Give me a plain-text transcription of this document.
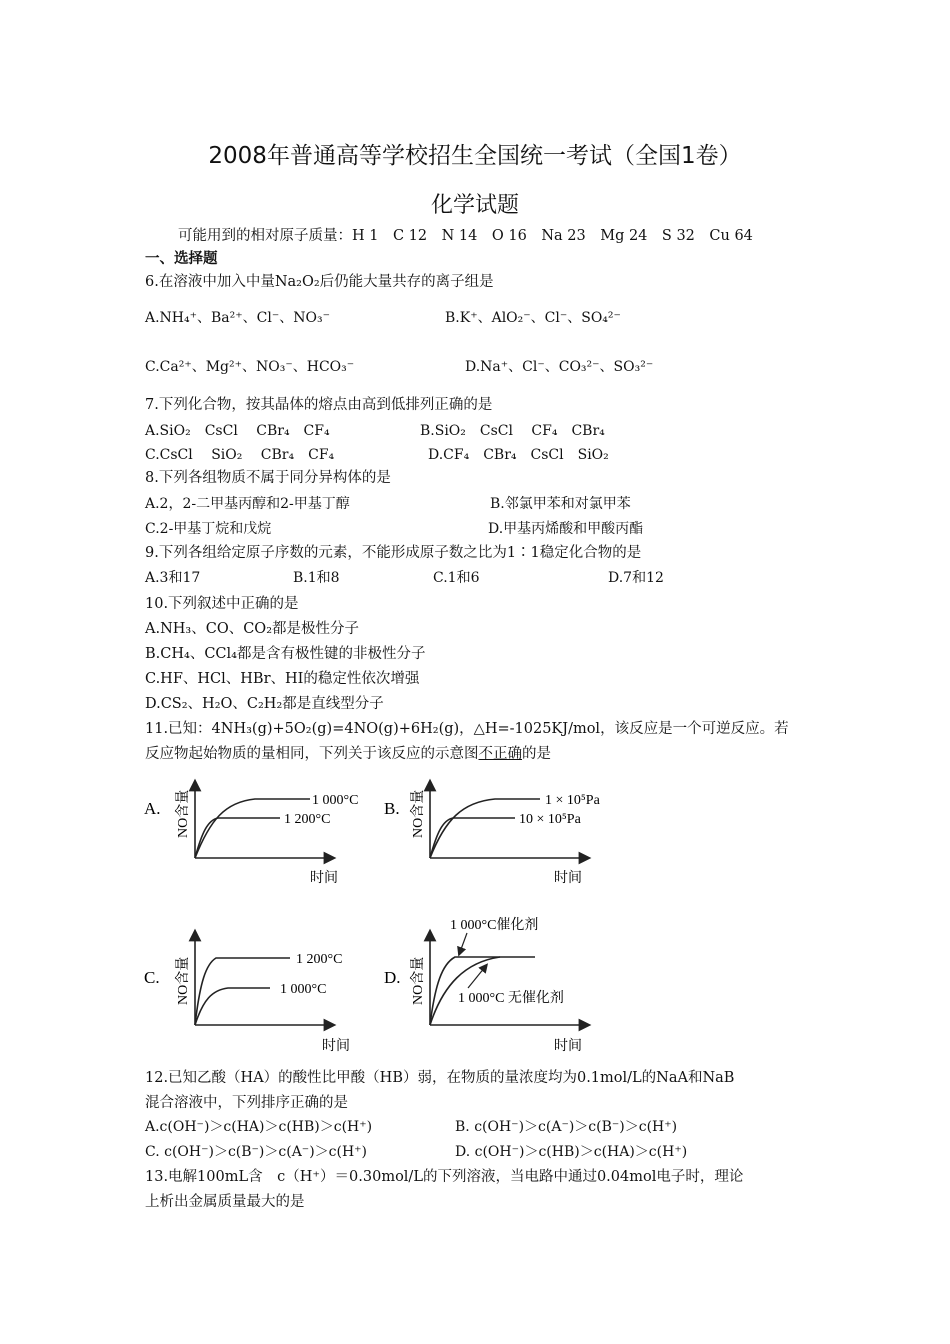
2008年普通高等学校招生全国统一考试（全国1卷）
化学试题
可能用到的相对原子质量：H 1　C 12　N 14　O 16　Na 23　Mg 24　S 32　Cu 64
一、选择题
6.在溶液中加入中量Na₂O₂后仍能大量共存的离子组是
A.NH₄⁺、Ba²⁺、Cl⁻、NO₃⁻	B.K⁺、AlO₂⁻、Cl⁻、SO₄²⁻
C.Ca²⁺、Mg²⁺、NO₃⁻、HCO₃⁻	D.Na⁺、Cl⁻、CO₃²⁻、SO₃²⁻
7.下列化合物，按其晶体的熔点由高到低排列正确的是
A.SiO₂　CsCl　 CBr₄　CF₄	B.SiO₂　CsCl　 CF₄　CBr₄
C.CsCl　 SiO₂　 CBr₄　CF₄	D.CF₄　CBr₄　CsCl　SiO₂
8.下列各组物质不属于同分异构体的是
A.2，2-二甲基丙醇和2-甲基丁醇	B.邻氯甲苯和对氯甲苯
C.2-甲基丁烷和戊烷	D.甲基丙烯酸和甲酸丙酯
9.下列各组给定原子序数的元素，不能形成原子数之比为1∶1稳定化合物的是
A.3和17	B.1和8	C.1和6	D.7和12
10.下列叙述中正确的是
A.NH₃、CO、CO₂都是极性分子
B.CH₄、CCl₄都是含有极性键的非极性分子
C.HF、HCl、HBr、HI的稳定性依次增强
D.CS₂、H₂O、C₂H₂都是直线型分子
11.已知：4NH₃(g)+5O₂(g)=4NO(g)+6H₂(g)，△H=-1025KJ/mol，该反应是一个可逆反应。若
反应物起始物质的量相同，下列关于该反应的示意图不正确的是
A. NO含量
时间
1 000°C
1 200°C
B. NO含量
时间
1 × 10⁵Pa
10 × 10⁵Pa
C. NO含量
时间
1 200°C
1 000°C
D. NO含量
时间
1 000°C催化剂
1 000°C 无催化剂
12.已知乙酸（HA）的酸性比甲酸（HB）弱，在物质的量浓度均为0.1mol/L的NaA和NaB
混合溶液中，下列排序正确的是
A.c(OH⁻)＞c(HA)＞c(HB)＞c(H⁺)	B. c(OH⁻)＞c(A⁻)＞c(B⁻)＞c(H⁺)
C. c(OH⁻)＞c(B⁻)＞c(A⁻)＞c(H⁺)	D. c(OH⁻)＞c(HB)＞c(HA)＞c(H⁺)
13.电解100mL含　c（H⁺）＝0.30mol/L的下列溶液，当电路中通过0.04mol电子时，理论
上析出金属质量最大的是
